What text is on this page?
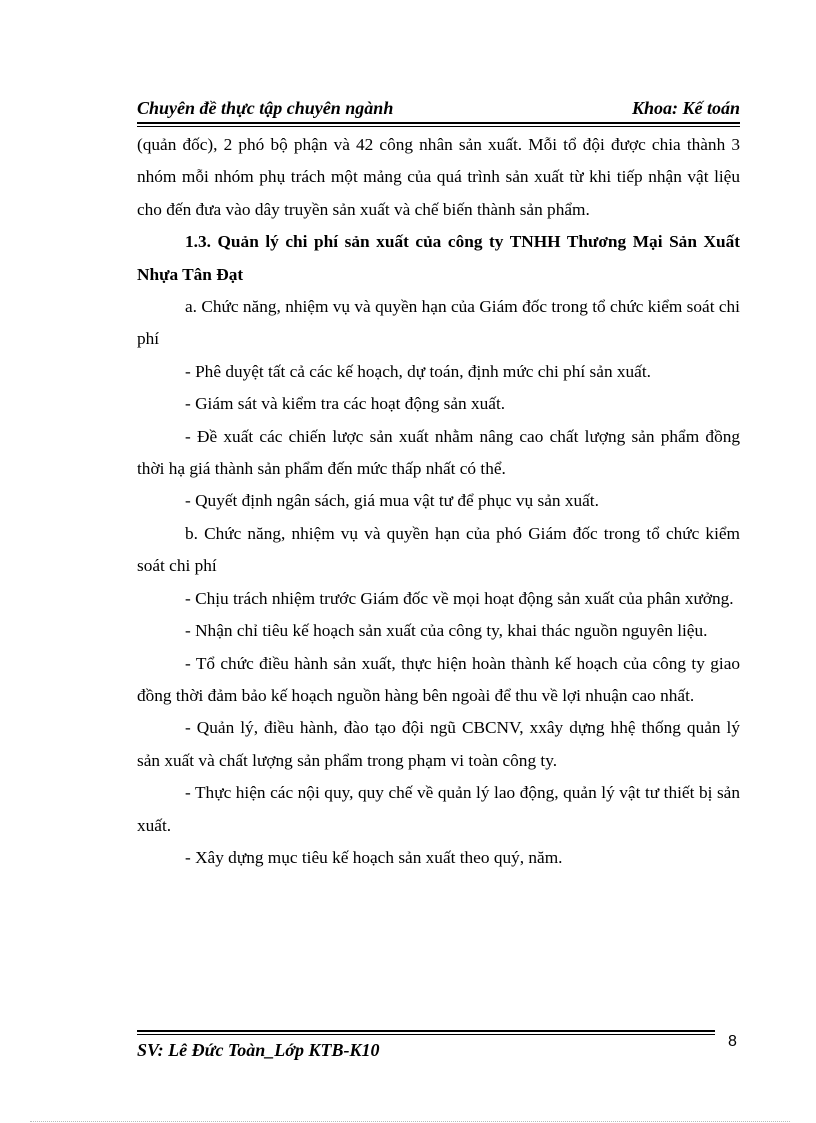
Chuyên đề thực tập chuyên ngành	Khoa: Kế toán

(quản đốc), 2 phó bộ phận và 42 công nhân sản xuất. Mỗi tổ đội được chia thành 3 nhóm mỗi nhóm phụ trách một mảng của quá trình sản xuất từ khi tiếp nhận vật liệu cho đến đưa vào dây truyền sản xuất và chế biến thành sản phẩm.

1.3. Quản lý chi phí sản xuất của công ty TNHH Thương Mại Sản Xuất Nhựa Tân Đạt

a. Chức năng, nhiệm vụ và quyền hạn của Giám đốc trong tổ chức kiểm soát chi phí

- Phê duyệt tất cả các kế hoạch, dự toán, định mức chi phí sản xuất.

- Giám sát và kiểm tra các hoạt động sản xuất.

- Đề xuất các chiến lược sản xuất nhằm nâng cao chất lượng sản phẩm đồng thời hạ giá thành sản phẩm đến mức thấp nhất có thể.

- Quyết định ngân sách, giá mua vật tư để phục vụ sản xuất.

b. Chức năng, nhiệm vụ và quyền hạn của phó Giám đốc trong tổ chức kiểm soát chi phí

- Chịu trách nhiệm trước Giám đốc về mọi hoạt động sản xuất của phân xưởng.

- Nhận chỉ tiêu kế hoạch sản xuất của công ty, khai thác nguồn nguyên liệu.

- Tổ chức điều hành sản xuất, thực hiện hoàn thành kế hoạch của công ty giao đồng thời đảm bảo kế hoạch nguồn hàng bên ngoài để thu về lợi nhuận cao nhất.

- Quản lý, điều hành, đào tạo đội ngũ CBCNV, xxây dựng hhệ thống quản lý sản xuất và chất lượng sản phẩm trong phạm vi toàn công ty.

- Thực hiện các nội quy, quy chế về quản lý lao động, quản lý vật tư thiết bị sản xuất.

- Xây dựng mục tiêu kế hoạch sản xuất theo quý, năm.

SV: Lê Đức Toàn_Lớp KTB-K10	8
